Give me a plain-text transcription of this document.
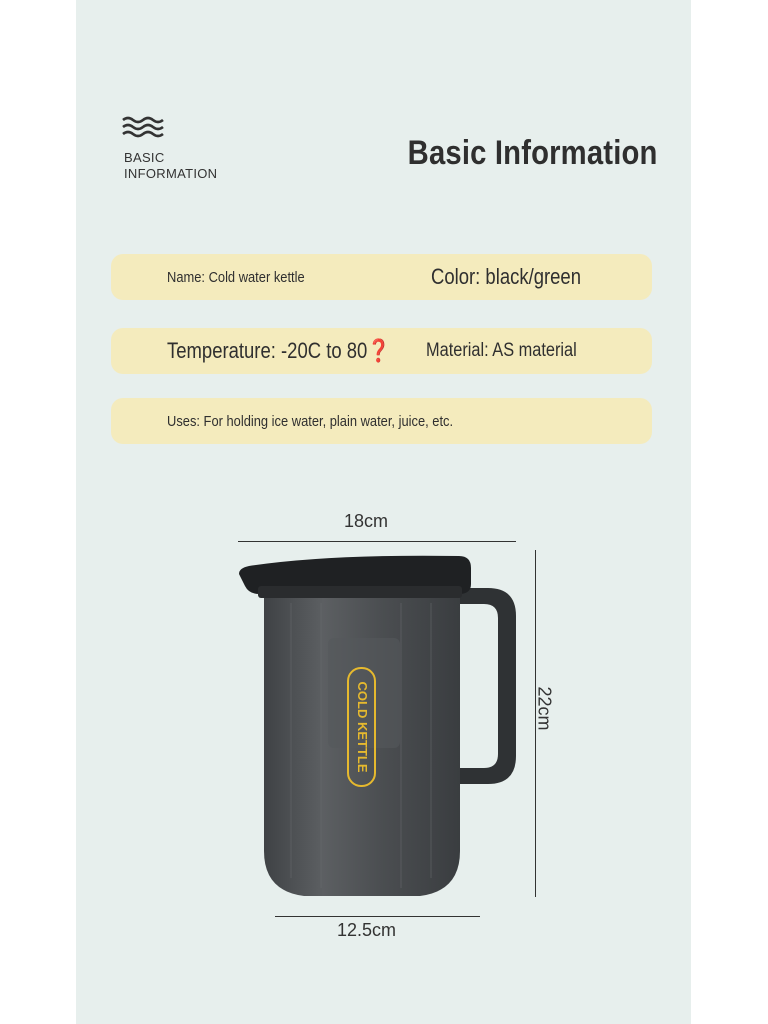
BASIC
INFORMATION
Basic Information
Name: Cold water kettle	Color: black/green
Temperature: -20C to 80❓ Material: AS material
Uses: For holding ice water, plain water, juice, etc.
18cm
22cm
12.5cm
COLD KETTLE
